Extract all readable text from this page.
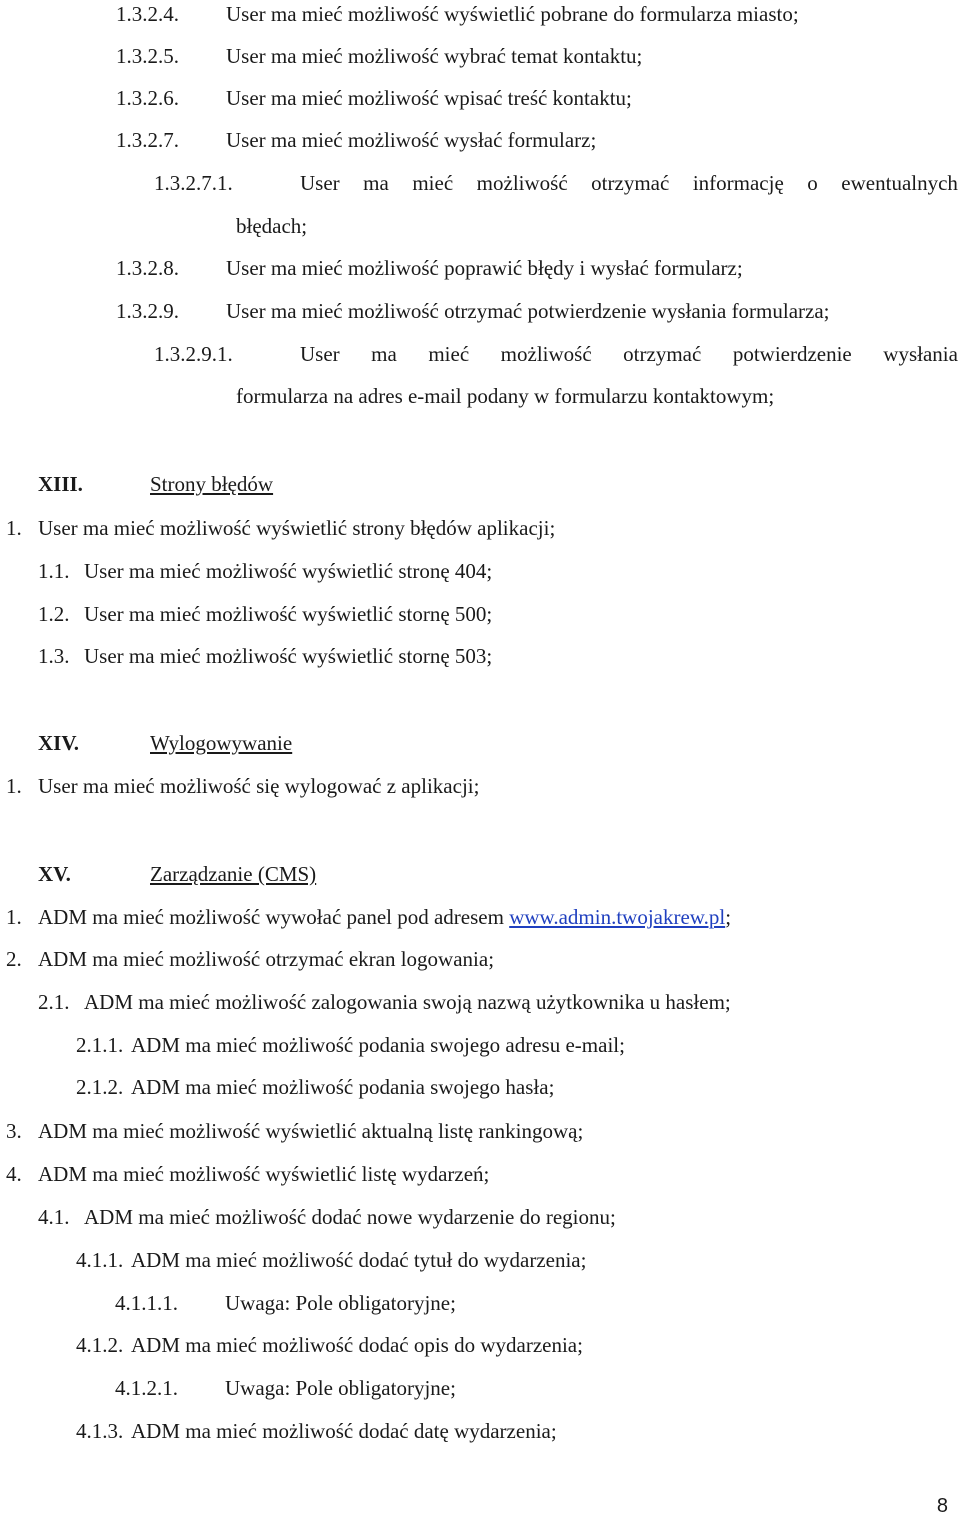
1.3.2.4. User ma mieć możliwość wyświetlić pobrane do formularza miasto;
1.3.2.5. User ma mieć możliwość wybrać temat kontaktu;
1.3.2.6. User ma mieć możliwość wpisać treść kontaktu;
1.3.2.7. User ma mieć możliwość wysłać formularz;
1.3.2.7.1.	User ma mieć możliwość otrzymać informację o ewentualnych
błędach;
1.3.2.8. User ma mieć możliwość poprawić błędy i wysłać formularz;
1.3.2.9. User ma mieć możliwość otrzymać potwierdzenie wysłania formularza;
1.3.2.9.1.	User ma mieć możliwość otrzymać potwierdzenie wysłania
formularza na adres e-mail podany w formularzu kontaktowym;
XIII.	Strony błędów
1. User ma mieć możliwość wyświetlić strony błędów aplikacji;
1.1. User ma mieć możliwość wyświetlić stronę 404;
1.2. User ma mieć możliwość wyświetlić stornę 500;
1.3. User ma mieć możliwość wyświetlić stornę 503;
XIV.	Wylogowywanie
1. User ma mieć możliwość się wylogować z aplikacji;
XV.	Zarządzanie (CMS)
1. ADM ma mieć możliwość wywołać panel pod adresem www.admin.twojakrew.pl;
2. ADM ma mieć możliwość otrzymać ekran logowania;
2.1. ADM ma mieć możliwość zalogowania swoją nazwą użytkownika u hasłem;
2.1.1. ADM ma mieć możliwość podania swojego adresu e-mail;
2.1.2. ADM ma mieć możliwość podania swojego hasła;
3. ADM ma mieć możliwość wyświetlić aktualną listę rankingową;
4. ADM ma mieć możliwość wyświetlić listę wydarzeń;
4.1. ADM ma mieć możliwość dodać nowe wydarzenie do regionu;
4.1.1. ADM ma mieć możliwość dodać tytuł do wydarzenia;
4.1.1.1. Uwaga: Pole obligatoryjne;
4.1.2. ADM ma mieć możliwość dodać opis do wydarzenia;
4.1.2.1. Uwaga: Pole obligatoryjne;
4.1.3. ADM ma mieć możliwość dodać datę wydarzenia;
8
